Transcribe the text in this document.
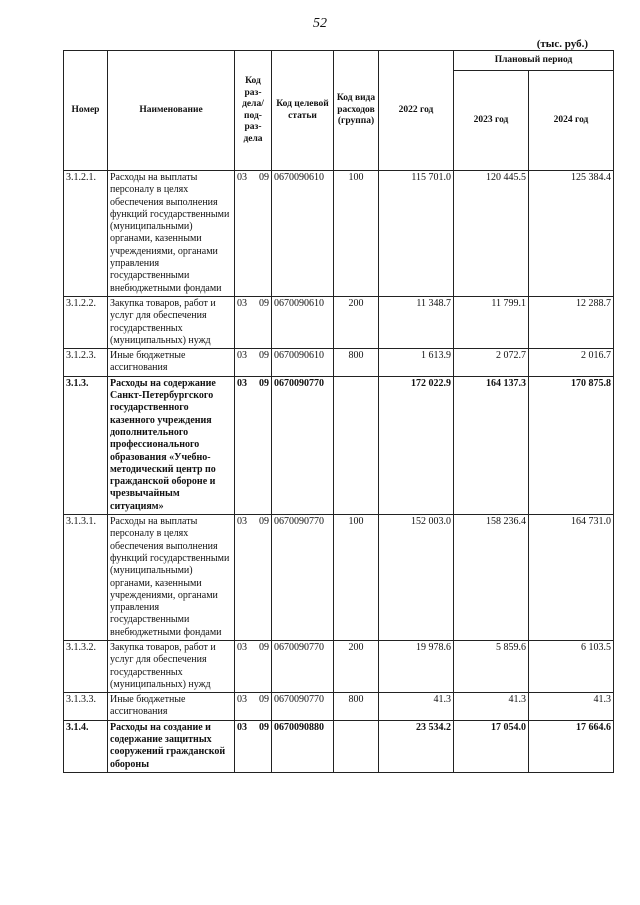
52
(тыс. руб.)
Номер	Наименование	Код раз-дела/ под-раз-дела	Код целевой статьи	Код вида расходов (группа)	2022 год	Плановый период	
						2023 год	2024 год
3.1.2.1.	Расходы на выплаты персоналу в целях обеспечения выполнения функций государственными (муниципальными) органами, казенными учреждениями, органами управления государственными внебюджетными фондами	03 09	0670090610	100	115 701.0	120 445.5	125 384.4
3.1.2.2.	Закупка товаров, работ и услуг для обеспечения государственных (муниципальных) нужд	03 09	0670090610	200	11 348.7	11 799.1	12 288.7
3.1.2.3.	Иные бюджетные ассигнования	03 09	0670090610	800	1 613.9	2 072.7	2 016.7
3.1.3.	Расходы на содержание Санкт-Петербургского государственного казенного учреждения дополнительного профессионального образования «Учебно-методический центр по гражданской обороне и чрезвычайным ситуациям»	03 09	0670090770		172 022.9	164 137.3	170 875.8
3.1.3.1.	Расходы на выплаты персоналу в целях обеспечения выполнения функций государственными (муниципальными) органами, казенными учреждениями, органами управления государственными внебюджетными фондами	03 09	0670090770	100	152 003.0	158 236.4	164 731.0
3.1.3.2.	Закупка товаров, работ и услуг для обеспечения государственных (муниципальных) нужд	03 09	0670090770	200	19 978.6	5 859.6	6 103.5
3.1.3.3.	Иные бюджетные ассигнования	03 09	0670090770	800	41.3	41.3	41.3
3.1.4.	Расходы на создание и содержание защитных сооружений гражданской обороны	03 09	0670090880		23 534.2	17 054.0	17 664.6
